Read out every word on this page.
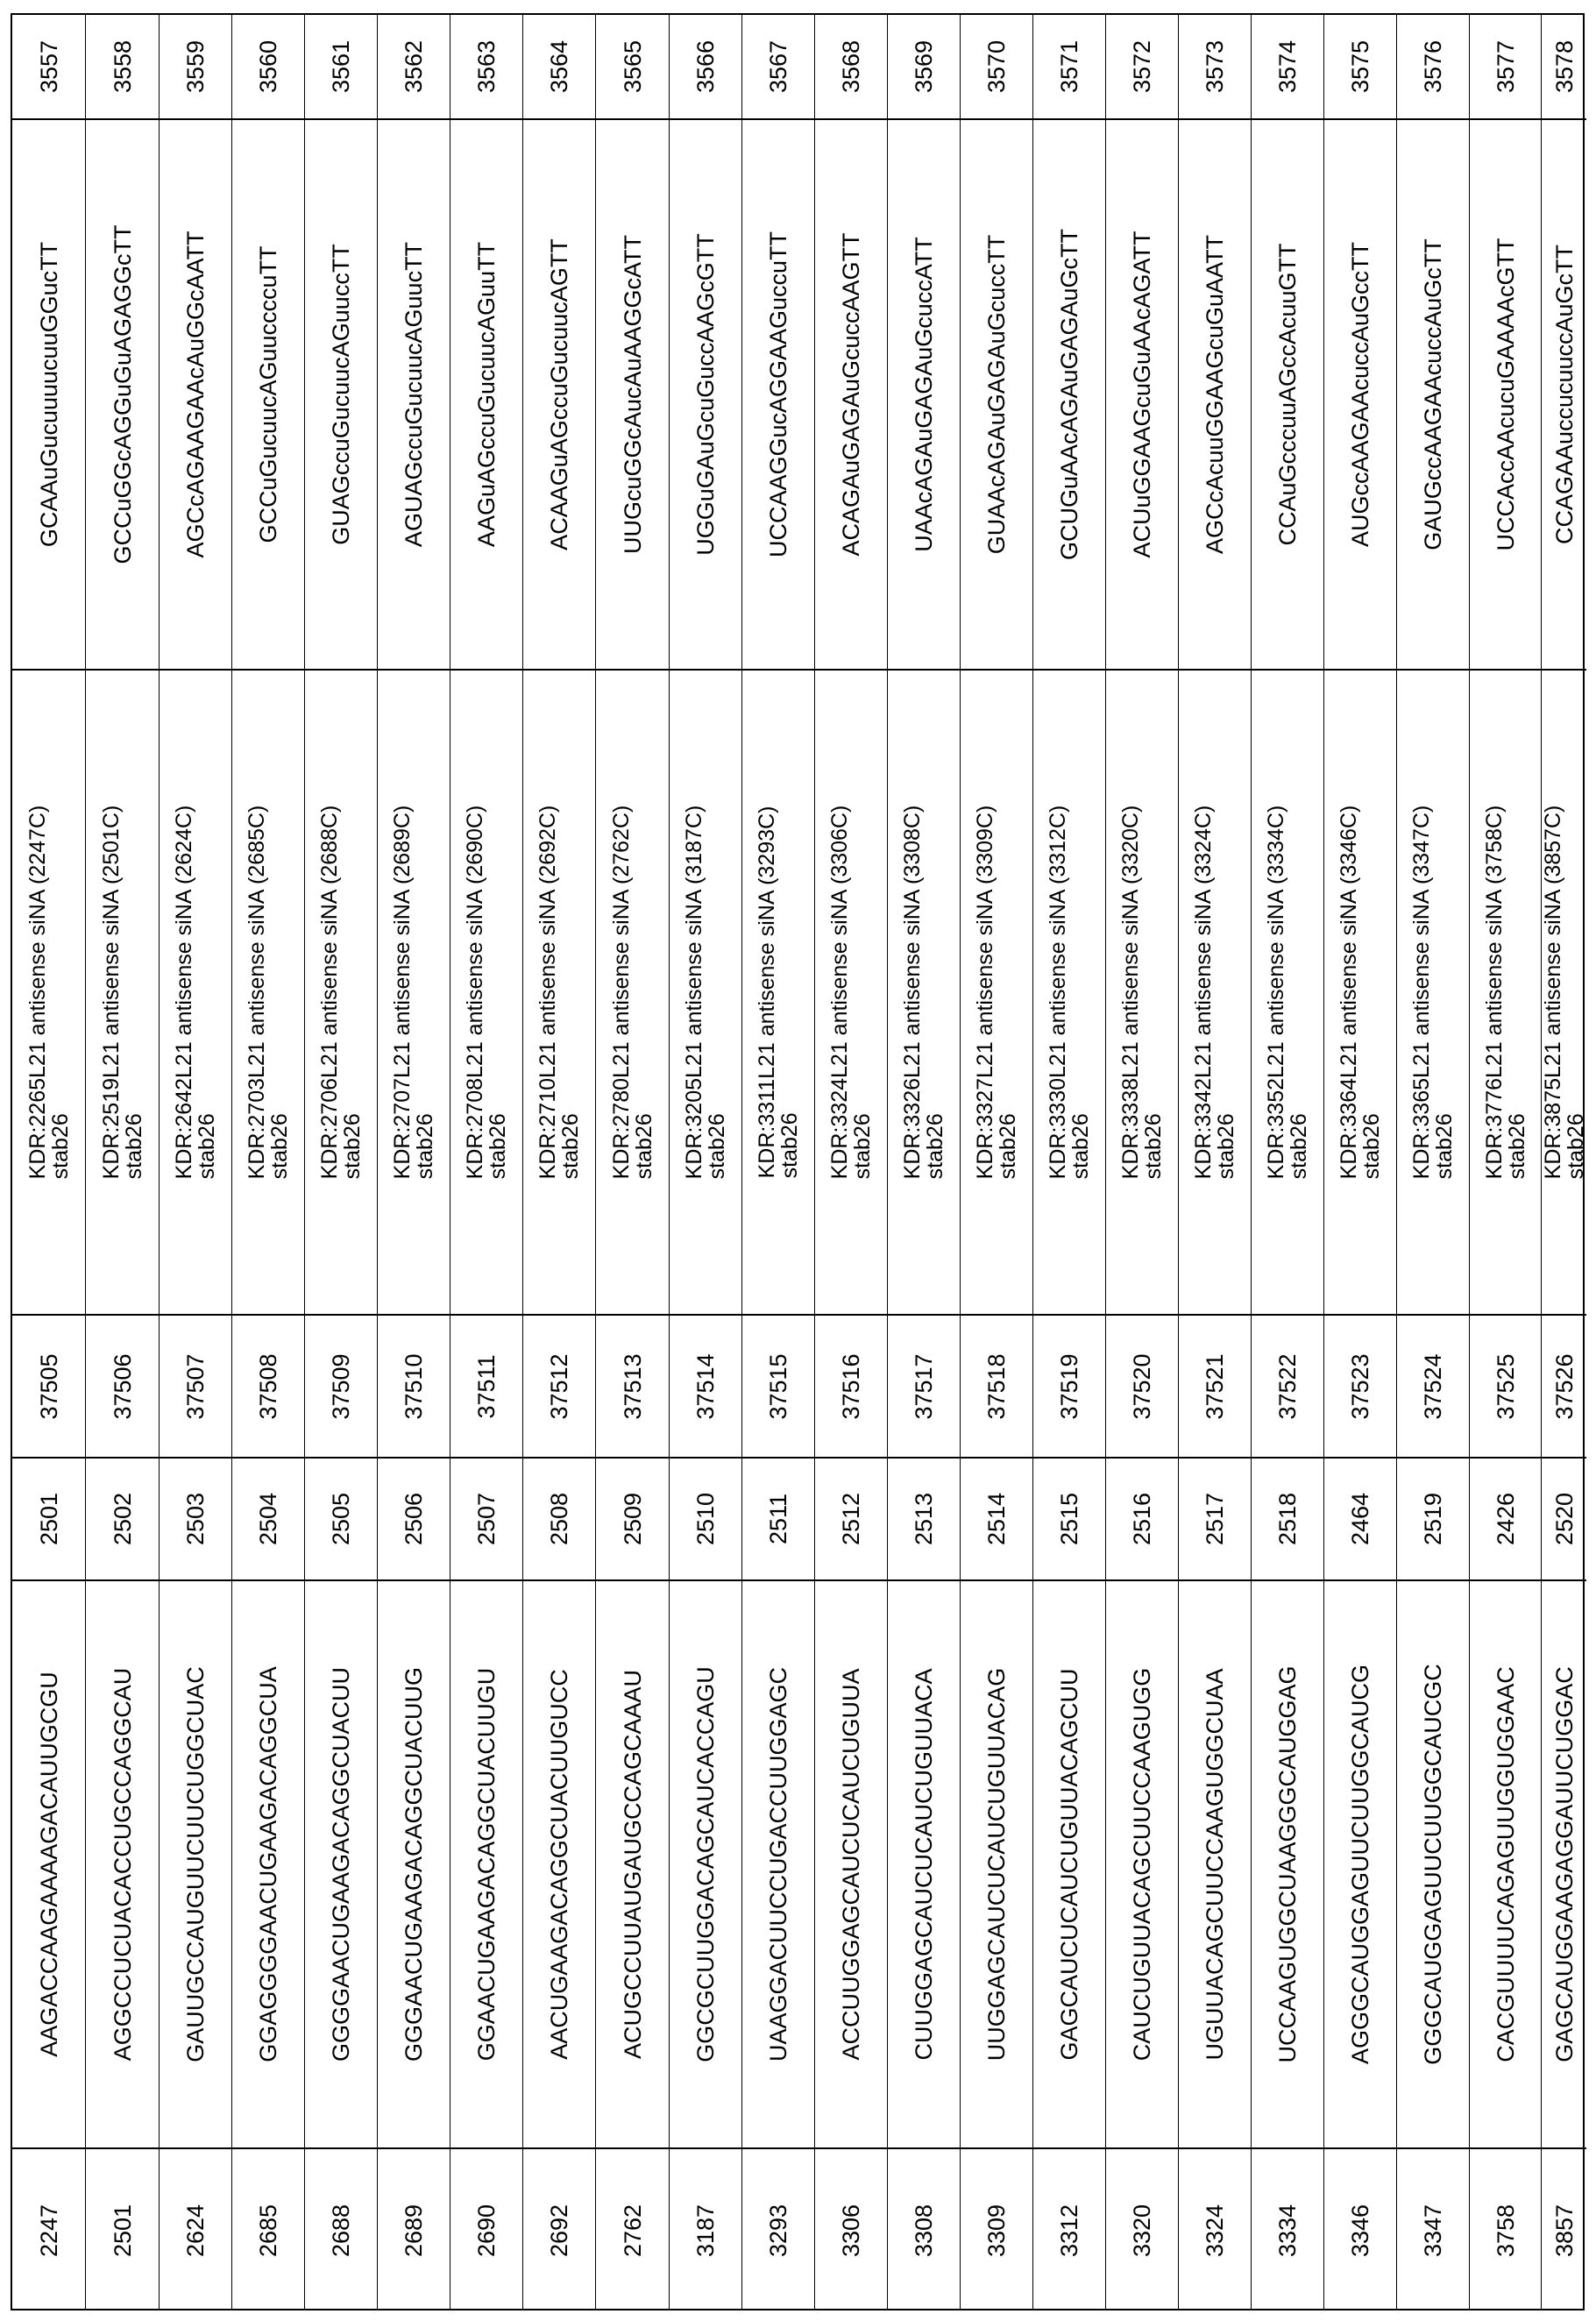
3557
GCAAuGucuuuucuuGGucTT
KDR:2265L21 antisense siNA (2247C)
stab26
37505
2501
AAGACCAAGAAAAGACAUUGCGU
2247
3558
GCCuGGcAGGuGuAGAGGcTT
KDR:2519L21 antisense siNA (2501C)
stab26
37506
2502
AGGCCUCUACACCUGCCAGGCAU
2501
3559
AGCcAGAAGAAcAuGGcAATT
KDR:2642L21 antisense siNA (2624C)
stab26
37507
2503
GAUUGCCAUGUUCUUCUGGCUAC
2624
3560
GCCuGucuucAGuuccccuTT
KDR:2703L21 antisense siNA (2685C)
stab26
37508
2504
GGAGGGGAACUGAAGACAGGCUA
2685
3561
GUAGccuGucuucAGuuccTT
KDR:2706L21 antisense siNA (2688C)
stab26
37509
2505
GGGGAACUGAAGACAGGCUACUU
2688
3562
AGUAGccuGucuucAGuucTT
KDR:2707L21 antisense siNA (2689C)
stab26
37510
2506
GGGAACUGAAGACAGGCUACUUG
2689
3563
AAGuAGccuGucuucAGuuTT
KDR:2708L21 antisense siNA (2690C)
stab26
37511
2507
GGAACUGAAGACAGGCUACUUGU
2690
3564
ACAAGuAGccuGucuucAGTT
KDR:2710L21 antisense siNA (2692C)
stab26
37512
2508
AACUGAAGACAGGCUACUUGUCC
2692
3565
UUGcuGGcAucAuAAGGcATT
KDR:2780L21 antisense siNA (2762C)
stab26
37513
2509
ACUGCCUUAUGAUGCCAGCAAAU
2762
3566
UGGuGAuGcuGuccAAGcGTT
KDR:3205L21 antisense siNA (3187C)
stab26
37514
2510
GGCGCUUGGACAGCAUCACCAGU
3187
3567
UCCAAGGucAGGAAGuccuTT
KDR:3311L21 antisense siNA (3293C)
stab26
37515
2511
UAAGGACUUCCUGACCUUGGAGC
3293
3568
ACAGAuGAGAuGcuccAAGTT
KDR:3324L21 antisense siNA (3306C)
stab26
37516
2512
ACCUUGGAGCAUCUCAUCUGUUA
3306
3569
UAAcAGAuGAGAuGcuccATT
KDR:3326L21 antisense siNA (3308C)
stab26
37517
2513
CUUGGAGCAUCUCAUCUGUUACA
3308
3570
GUAAcAGAuGAGAuGcuccTT
KDR:3327L21 antisense siNA (3309C)
stab26
37518
2514
UUGGAGCAUCUCAUCUGUUACAG
3309
3571
GCUGuAAcAGAuGAGAuGcTT
KDR:3330L21 antisense siNA (3312C)
stab26
37519
2515
GAGCAUCUCAUCUGUUACAGCUU
3312
3572
ACUuGGAAGcuGuAAcAGATT
KDR:3338L21 antisense siNA (3320C)
stab26
37520
2516
CAUCUGUUACAGCUUCCAAGUGG
3320
3573
AGCcAcuuGGAAGcuGuAATT
KDR:3342L21 antisense siNA (3324C)
stab26
37521
2517
UGUUACAGCUUCCAAGUGGCUAA
3324
3574
CCAuGcccuuAGccAcuuGTT
KDR:3352L21 antisense siNA (3334C)
stab26
37522
2518
UCCAAGUGGCUAAGGGCAUGGAG
3334
3575
AUGccAAGAAcuccAuGccTT
KDR:3364L21 antisense siNA (3346C)
stab26
37523
2464
AGGGCAUGGAGUUCUUGGCAUCG
3346
3576
GAUGccAAGAAcuccAuGcTT
KDR:3365L21 antisense siNA (3347C)
stab26
37524
2519
GGGCAUGGAGUUCUUGGCAUCGC
3347
3577
UCCAccAAcucuGAAAAcGTT
KDR:3776L21 antisense siNA (3758C)
stab26
37525
2426
CACGUUUUCAGAGUUGGUGGAAC
3758
3578
CCAGAAuccucuuccAuGcTT
KDR:3875L21 antisense siNA (3857C)
stab26
37526
2520
GAGCAUGGAAGAGGAUUCUGGAC
3857
